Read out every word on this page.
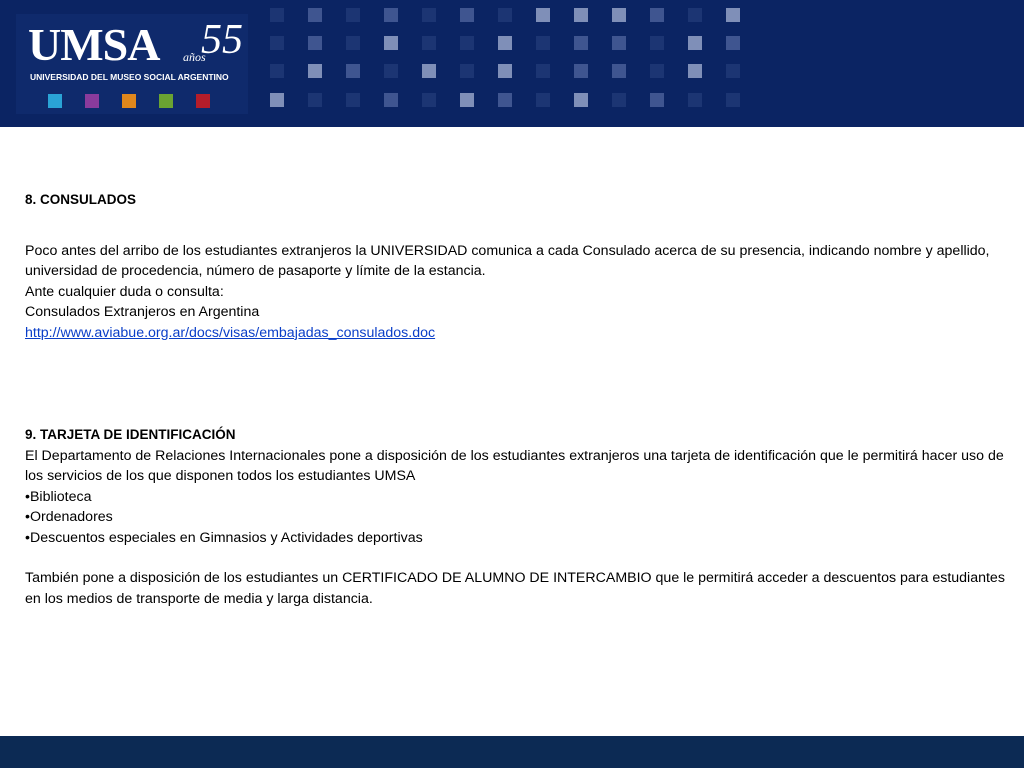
UMSA 55
años
UNIVERSIDAD DEL MUSEO SOCIAL ARGENTINO

8. CONSULADOS

Poco antes del arribo de los estudiantes extranjeros la UNIVERSIDAD comunica a cada Consulado acerca de su presencia, indicando nombre y apellido, universidad de procedencia, número de pasaporte y límite de la estancia.

Ante cualquier duda o consulta:

Consulados Extranjeros en Argentina

http://www.aviabue.org.ar/docs/visas/embajadas_consulados.doc

9. TARJETA DE IDENTIFICACIÓN

El Departamento de Relaciones Internacionales pone a disposición de los estudiantes extranjeros una tarjeta de identificación que le permitirá hacer uso de los servicios de los que disponen todos los estudiantes UMSA

•Biblioteca

•Ordenadores

•Descuentos especiales en Gimnasios y Actividades deportivas

También pone a disposición de los estudiantes un CERTIFICADO DE ALUMNO DE INTERCAMBIO que le permitirá acceder a descuentos para estudiantes en los medios de transporte de media y larga distancia.
